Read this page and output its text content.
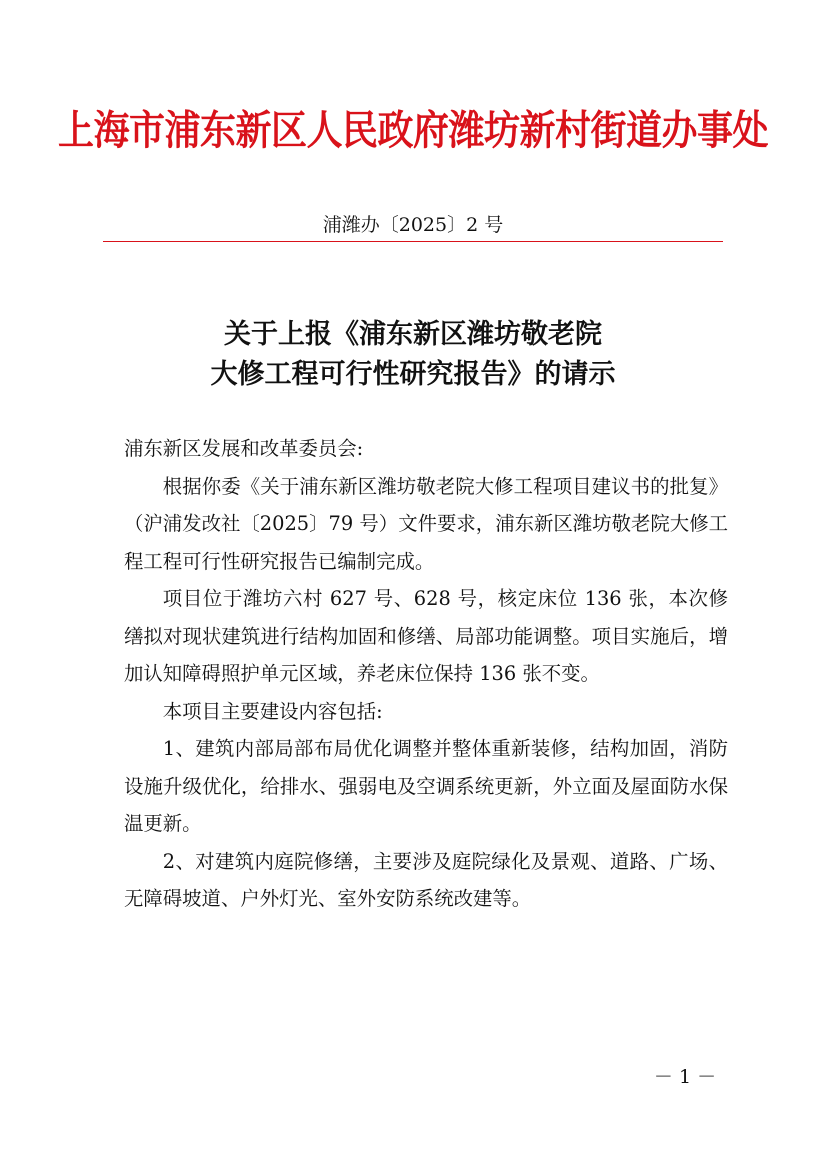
上海市浦东新区人民政府潍坊新村街道办事处
浦潍办〔2025〕2 号
关于上报《浦东新区潍坊敬老院
大修工程可行性研究报告》的请示

浦东新区发展和改革委员会:

根据你委《关于浦东新区潍坊敬老院大修工程项目建议书的批复》（沪浦发改社〔2025〕79 号）文件要求，浦东新区潍坊敬老院大修工程工程可行性研究报告已编制完成。

项目位于潍坊六村 627 号、628 号，核定床位 136 张，本次修缮拟对现状建筑进行结构加固和修缮、局部功能调整。项目实施后，增加认知障碍照护单元区域，养老床位保持 136 张不变。

本项目主要建设内容包括:

1、建筑内部局部布局优化调整并整体重新装修，结构加固，消防设施升级优化，给排水、强弱电及空调系统更新，外立面及屋面防水保温更新。

2、对建筑内庭院修缮，主要涉及庭院绿化及景观、道路、广场、无障碍坡道、户外灯光、室外安防系统改建等。

－ 1 －
